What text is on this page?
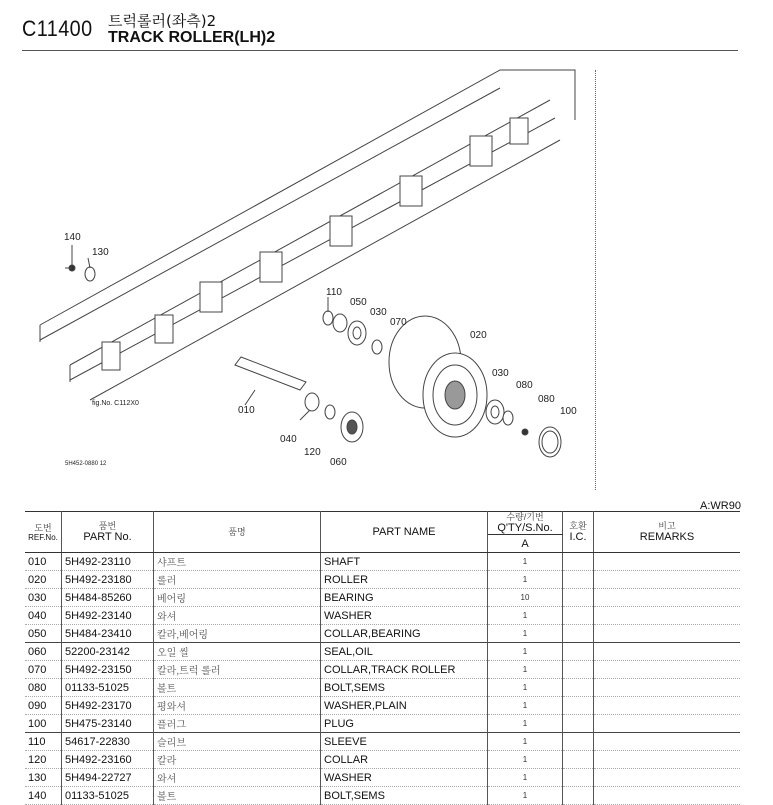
C11400 트럭롤러(좌측)2
TRACK ROLLER(LH)2
140
130
110
050
030
070
020
030
080
080
100
010
040
120
060
fig.No. C112X0
5H452-0880 12
A:WR90
도번
REF.No.	품번
PART No.	품명	PART NAME	수량/기번
Q'TY/S.No.	호환
I.C.	비고
REMARKS
				A		
010	5H492-23110	샤프트	SHAFT	1		
020	5H492-23180	롤러	ROLLER	1		
030	5H484-85260	베어링	BEARING	10		
040	5H492-23140	와셔	WASHER	1		
050	5H484-23410	칼라,베어링	COLLAR,BEARING	1		
060	52200-23142	오일 씰	SEAL,OIL	1		
070	5H492-23150	칼라,트럭 롤러	COLLAR,TRACK ROLLER	1		
080	01133-51025	볼트	BOLT,SEMS	1		
090	5H492-23170	평와셔	WASHER,PLAIN	1		
100	5H475-23140	플러그	PLUG	1		
110	54617-22830	슬리브	SLEEVE	1		
120	5H492-23160	칼라	COLLAR	1		
130	5H494-22727	와셔	WASHER	1		
140	01133-51025	볼트	BOLT,SEMS	1		
